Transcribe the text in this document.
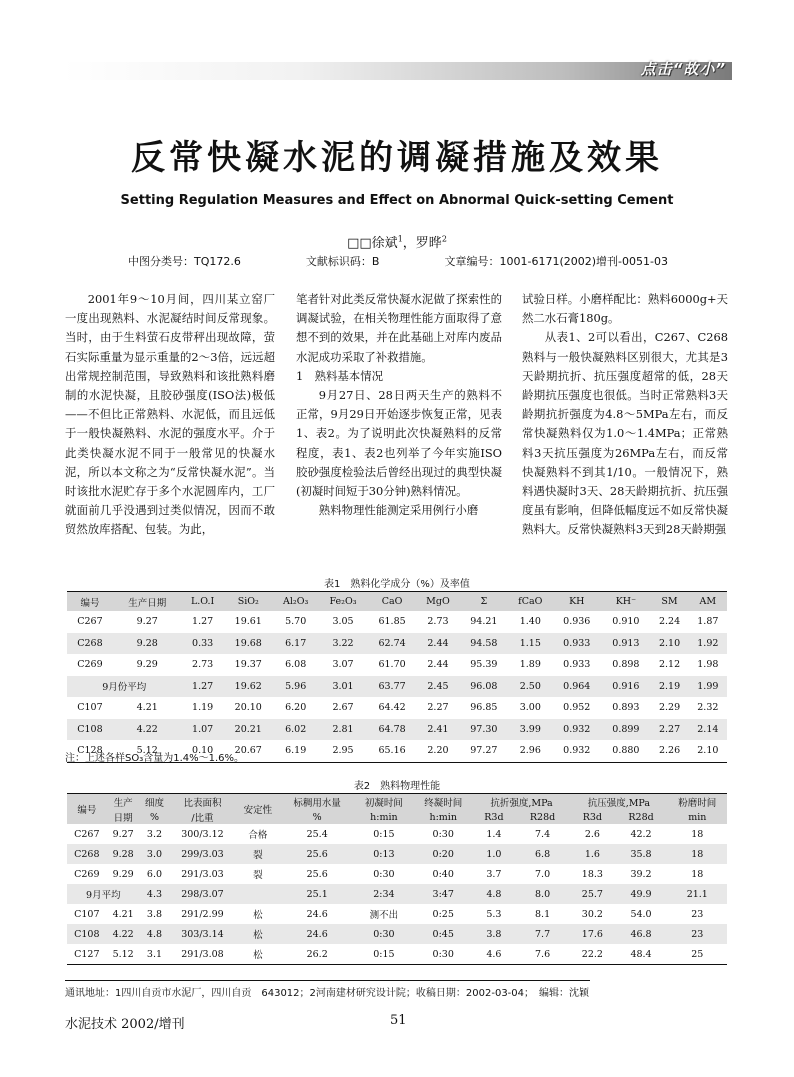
点击“故小”
反常快凝水泥的调凝措施及效果
Setting Regulation Measures and Effect on Abnormal Quick-setting Cement
□□徐斌$^1$，罗晔$^2$
中图分类号：TQ172.6	文献标识码：B	文章编号：1001-6171(2002)增刊-0051-03

2001年9～10月间，四川某立窑厂一度出现熟料、水泥凝结时间反常现象。当时，由于生料萤石皮带秤出现故障，萤石实际重量为显示重量的2～3倍，远远超出常规控制范围，导致熟料和该批熟料磨制的水泥快凝，且胶砂强度(ISO法)极低——不但比正常熟料、水泥低，而且远低于一般快凝熟料、水泥的强度水平。介于此类快凝水泥不同于一般常见的快凝水泥，所以本文称之为“反常快凝水泥”。当时该批水泥贮存于多个水泥圆库内，工厂就面前几乎没遇到过类似情况，因而不敢贸然放库搭配、包装。为此，

笔者针对此类反常快凝水泥做了探索性的调凝试验，在相关物理性能方面取得了意想不到的效果，并在此基础上对库内废品水泥成功采取了补救措施。

1　熟料基本情况

9月27日、28日两天生产的熟料不正常，9月29日开始逐步恢复正常，见表1、表2。为了说明此次快凝熟料的反常程度，表1、表2也列举了今年实施ISO胶砂强度检验法后曾经出现过的典型快凝(初凝时间短于30分钟)熟料情况。

熟料物理性能测定采用例行小磨

试验日样。小磨样配比：熟料6000g+天然二水石膏180g。

从表1、2可以看出，C267、C268熟料与一般快凝熟料区别很大，尤其是3天龄期抗折、抗压强度超常的低，28天龄期抗压强度也很低。当时正常熟料3天龄期抗折强度为4.8～5MPa左右，而反常快凝熟料仅为1.0～1.4MPa；正常熟料3天抗压强度为26MPa左右，而反常快凝熟料不到其1/10。一般情况下，熟料遇快凝时3天、28天龄期抗折、抗压强度虽有影响，但降低幅度远不如反常快凝熟料大。反常快凝熟料3天到28天龄期强

表1　熟料化学成分（%）及率值
编号	生产日期	L.O.I	SiO₂	Al₂O₃	Fe₂O₃	CaO	MgO	Σ	fCaO	KH	KH⁻	SM	AM
C267	9.27	1.27	19.61	5.70	3.05	61.85	2.73	94.21	1.40	0.936	0.910	2.24	1.87
C268	9.28	0.33	19.68	6.17	3.22	62.74	2.44	94.58	1.15	0.933	0.913	2.10	1.92
C269	9.29	2.73	19.37	6.08	3.07	61.70	2.44	95.39	1.89	0.933	0.898	2.12	1.98
9月份平均		1.27	19.62	5.96	3.01	63.77	2.45	96.08	2.50	0.964	0.916	2.19	1.99
C107	4.21	1.19	20.10	6.20	2.67	64.42	2.27	96.85	3.00	0.952	0.893	2.29	2.32
C108	4.22	1.07	20.21	6.02	2.81	64.78	2.41	97.30	3.99	0.932	0.899	2.27	2.14
C128	5.12	0.10	20.67	6.19	2.95	65.16	2.20	97.27	2.96	0.932	0.880	2.26	2.10
注：上述各样SO₃含量为1.4%～1.6%。
表2　熟料物理性能
编号	生产	细度	比表面积	安定性	标稠用水量	初凝时间	终凝时间	抗折强度,MPa		抗压强度,MPa		粉磨时间
	日期	%	/比重		%	h:min	h:min	R3d	R28d	R3d	R28d	min
C267	9.27	3.2	300/3.12	合格	25.4	0:15	0:30	1.4	7.4	2.6	42.2	18
C268	9.28	3.0	299/3.03	裂	25.6	0:13	0:20	1.0	6.8	1.6	35.8	18
C269	9.29	6.0	291/3.03	裂	25.6	0:30	0:40	3.7	7.0	18.3	39.2	18
9月平均		4.3	298/3.07		25.1	2:34	3:47	4.8	8.0	25.7	49.9	21.1
C107	4.21	3.8	291/2.99	松	24.6	测不出	0:25	5.3	8.1	30.2	54.0	23
C108	4.22	4.8	303/3.14	松	24.6	0:30	0:45	3.8	7.7	17.6	46.8	23
C127	5.12	3.1	291/3.08	松	26.2	0:15	0:30	4.6	7.6	22.2	48.4	25
通讯地址：1四川自贡市水泥厂，四川自贡　643012；2河南建材研究设计院；收稿日期：2002-03-04；　编辑：沈颖
水泥技术 2002/增刊	51
